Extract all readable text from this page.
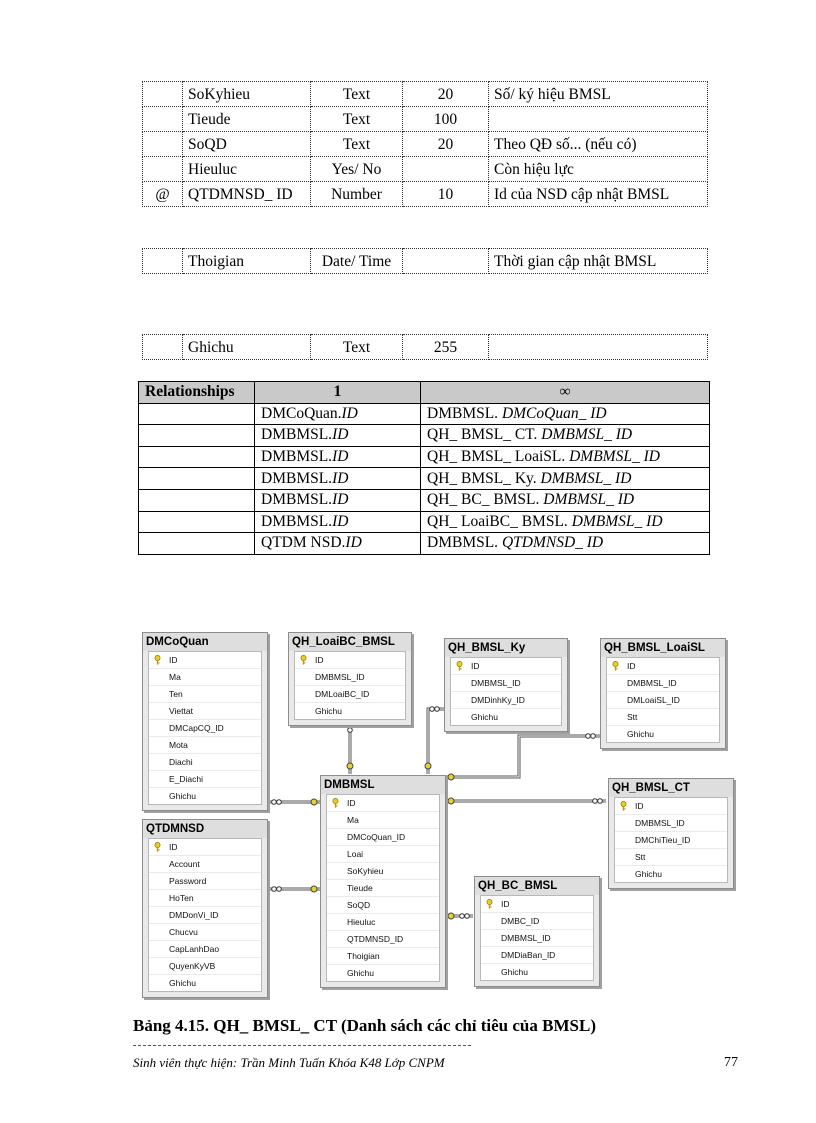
	SoKyhieu	Text	20	Số/ ký hiệu BMSL
	Tieude	Text	100	
	SoQD	Text	20	Theo QĐ số... (nếu có)
	Hieuluc	Yes/ No		Còn hiệu lực
@	QTDMNSD_ ID	Number	10	Id của NSD cập nhật BMSL
	Thoigian	Date/ Time		Thời gian cập nhật BMSL
	Ghichu	Text	255	
Relationships	1	∞
	DMCoQuan.ID	DMBMSL. DMCoQuan_ ID
	DMBMSL.ID	QH_ BMSL_ CT. DMBMSL_ ID
	DMBMSL.ID	QH_ BMSL_ LoaiSL. DMBMSL_ ID
	DMBMSL.ID	QH_ BMSL_ Ky. DMBMSL_ ID
	DMBMSL.ID	QH_ BC_ BMSL. DMBMSL_ ID
	DMBMSL.ID	QH_ LoaiBC_ BMSL. DMBMSL_ ID
	QTDM NSD.ID	DMBMSL. QTDMNSD_ ID
DMCoQuan
ID
Ma
Ten
Viettat
DMCapCQ_ID
Mota
Diachi
E_Diachi
Ghichu
QTDMNSD
ID
Account
Password
HoTen
DMDonVi_ID
Chucvu
CapLanhDao
QuyenKyVB
Ghichu
QH_LoaiBC_BMSL
ID
DMBMSL_ID
DMLoaiBC_ID
Ghichu
QH_BMSL_Ky
ID
DMBMSL_ID
DMDinhKy_ID
Ghichu
QH_BMSL_LoaiSL
ID
DMBMSL_ID
DMLoaiSL_ID
Stt
Ghichu
DMBMSL
ID
Ma
DMCoQuan_ID
Loai
SoKyhieu
Tieude
SoQD
Hieuluc
QTDMNSD_ID
Thoigian
Ghichu
QH_BMSL_CT
ID
DMBMSL_ID
DMChiTieu_ID
Stt
Ghichu
QH_BC_BMSL
ID
DMBC_ID
DMBMSL_ID
DMDiaBan_ID
Ghichu
Bảng 4.15. QH_ BMSL_ CT (Danh sách các chỉ tiêu của BMSL)
Sinh viên thực hiện: Trần Minh Tuấn Khóa K48 Lớp CNPM	77
